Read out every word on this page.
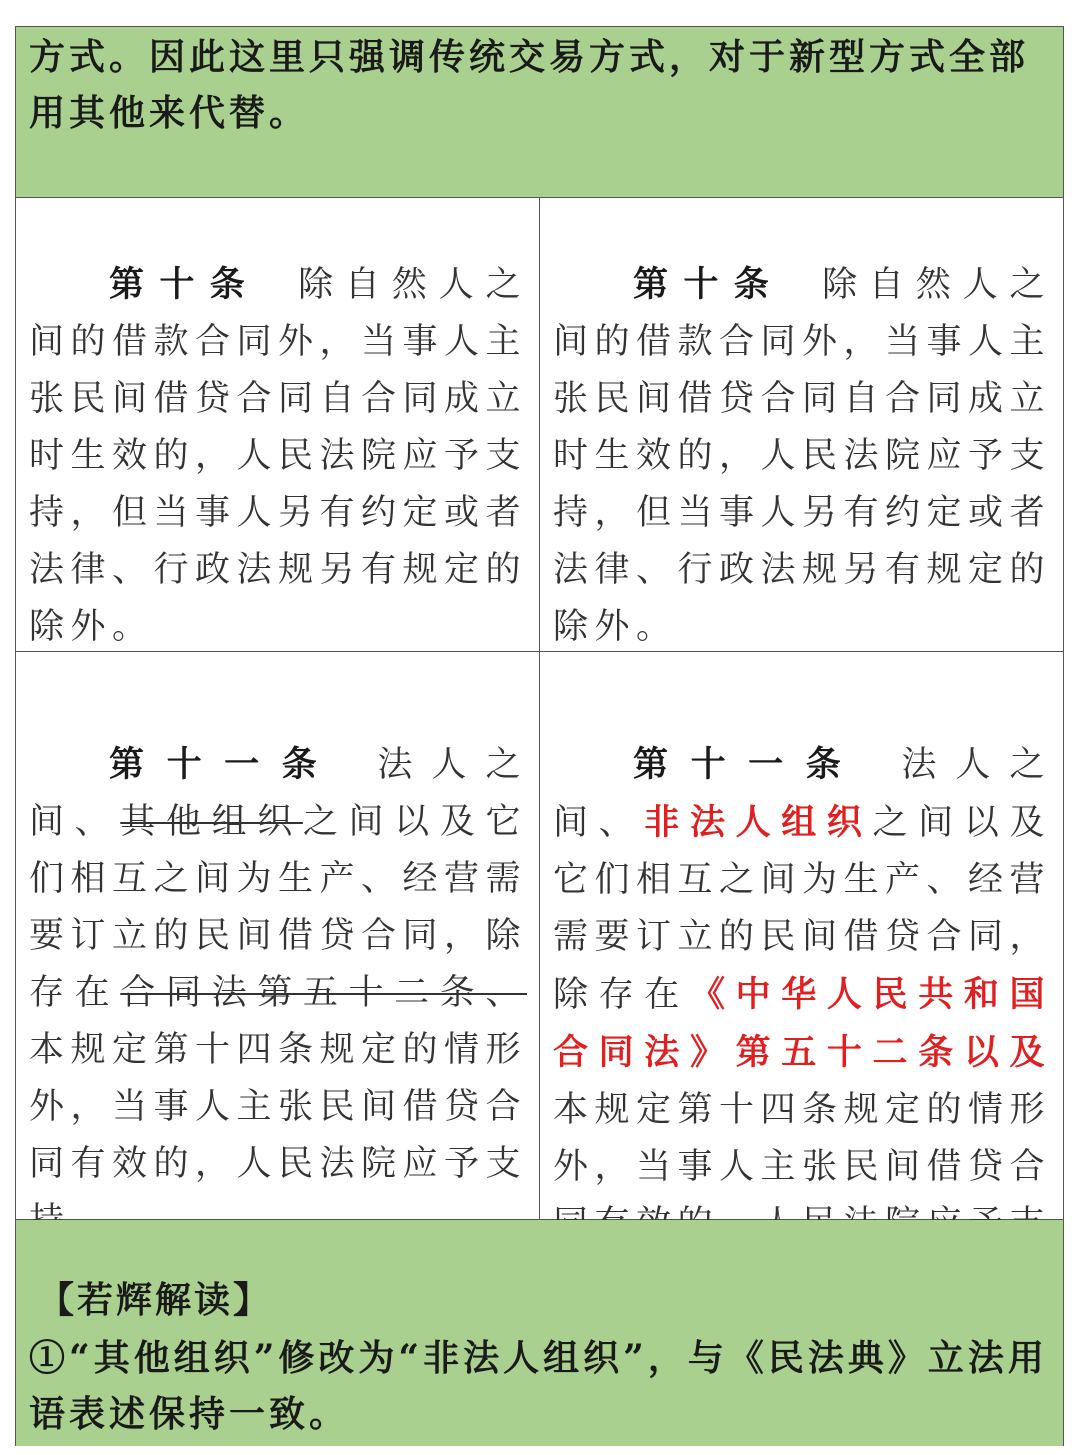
方式。因此这里只强调传统交易方式，对于新型方式全部用其他来代替。

第十条 除自然人之间的借款合同外，当事人主张民间借贷合同自合同成立时生效的，人民法院应予支持，但当事人另有约定或者法律、行政法规另有规定的除外。

第十条 除自然人之间的借款合同外，当事人主张民间借贷合同自合同成立时生效的，人民法院应予支持，但当事人另有约定或者法律、行政法规另有规定的除外。

第十一条 法人之间、其他组织之间以及它们相互之间为生产、经营需要订立的民间借贷合同，除存在合同法第五十二条、本规定第十四条规定的情形外，当事人主张民间借贷合同有效的，人民法院应予支

第十一条 法人之间、非法人组织之间以及它们相互之间为生产、经营需要订立的民间借贷合同，除存在《中华人民共和国合同法》第五十二条以及本规定第十四条规定的情形外，当事人主张民间借贷合

【若辉解读】

①“其他组织”修改为“非法人组织”，与《民法典》立法用语表述保持一致。
